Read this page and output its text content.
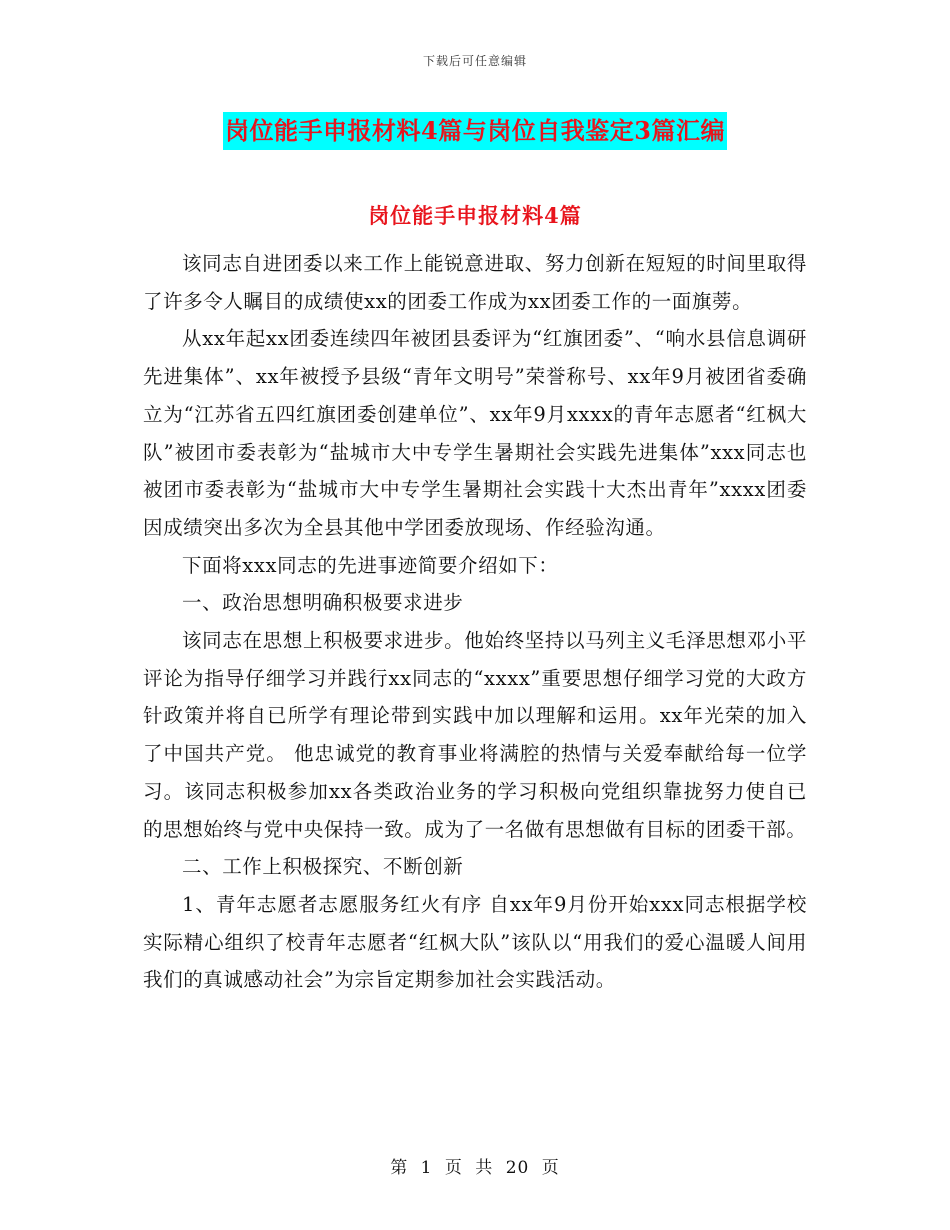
下载后可任意编辑
岗位能手申报材料4篇与岗位自我鉴定3篇汇编
岗位能手申报材料4篇

该同志自进团委以来工作上能锐意进取、努力创新在短短的时间里取得了许多令人瞩目的成绩使xx的团委工作成为xx团委工作的一面旗蒡。

从xx年起xx团委连续四年被团县委评为“红旗团委”、“响水县信息调研先进集体”、xx年被授予县级“青年文明号”荣誉称号、xx年9月被团省委确立为“江苏省五四红旗团委创建单位”、xx年9月xxxx的青年志愿者“红枫大队”被团市委表彰为“盐城市大中专学生暑期社会实践先进集体”xxx同志也被团市委表彰为“盐城市大中专学生暑期社会实践十大杰出青年”xxxx团委因成绩突出多次为全县其他中学团委放现场、作经验沟通。

下面将xxx同志的先进事迹简要介绍如下：

一、政治思想明确积极要求进步

该同志在思想上积极要求进步。他始终坚持以马列主义毛泽思想邓小平评论为指导仔细学习并践行xx同志的“xxxx”重要思想仔细学习党的大政方针政策并将自已所学有理论带到实践中加以理解和运用。xx年光荣的加入了中国共产党。 他忠诚党的教育事业将满腔的热情与关爱奉献给每一位学习。该同志积极参加xx各类政治业务的学习积极向党组织靠拢努力使自已的思想始终与党中央保持一致。成为了一名做有思想做有目标的团委干部。

二、工作上积极探究、不断创新

1、青年志愿者志愿服务红火有序 自xx年9月份开始xxx同志根据学校实际精心组织了校青年志愿者“红枫大队”该队以“用我们的爱心温暖人间用我们的真诚感动社会”为宗旨定期参加社会实践活动。

第 1 页 共 20 页
